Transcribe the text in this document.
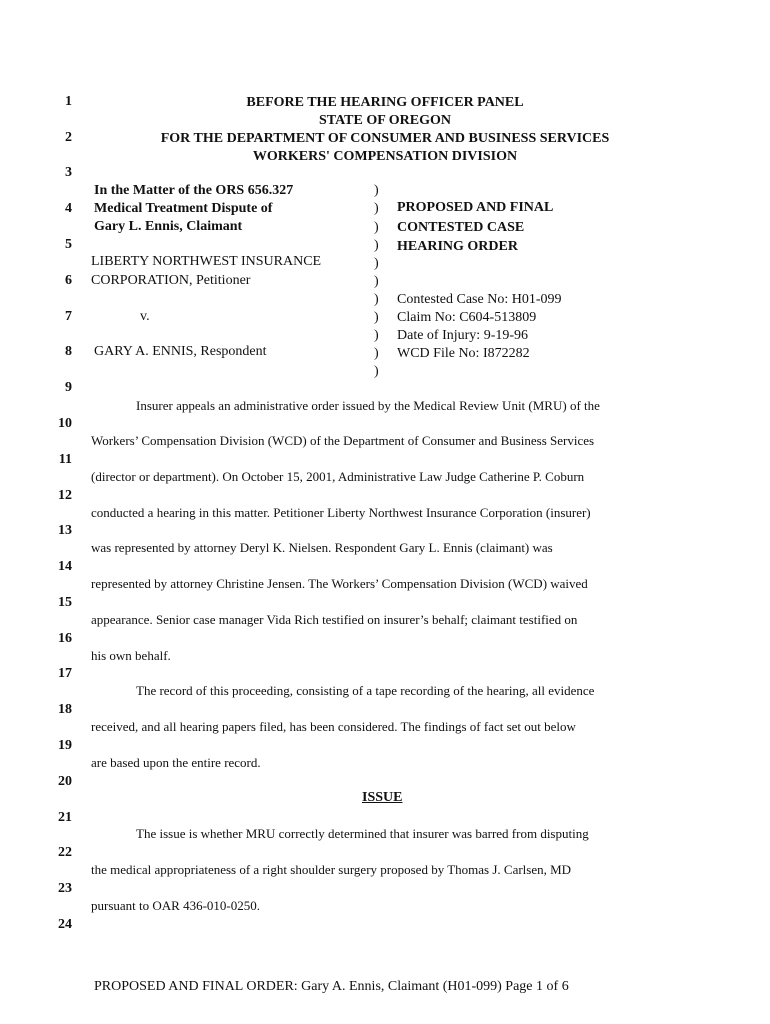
1
2
3
4
5
6
7
8
9
10
11
12
13
14
15
16
17
18
19
20
21
22
23
24
BEFORE THE HEARING OFFICER PANEL
STATE OF OREGON
FOR THE DEPARTMENT OF CONSUMER AND BUSINESS SERVICES
WORKERS' COMPENSATION DIVISION
In the Matter of the ORS 656.327
Medical Treatment Dispute of
Gary L. Ennis, Claimant
LIBERTY NORTHWEST INSURANCE
CORPORATION, Petitioner
v.
GARY A. ENNIS, Respondent
)
)
)
)
)
)
)
)
)
)
)
PROPOSED AND FINAL
CONTESTED CASE
HEARING ORDER
Contested Case No: H01-099
Claim No: C604-513809
Date of Injury: 9-19-96
WCD File No: I872282
Insurer appeals an administrative order issued by the Medical Review Unit (MRU) of the
Workers’ Compensation Division (WCD) of the Department of Consumer and Business Services
(director or department). On October 15, 2001, Administrative Law Judge Catherine P. Coburn
conducted a hearing in this matter. Petitioner Liberty Northwest Insurance Corporation (insurer)
was represented by attorney Deryl K. Nielsen. Respondent Gary L. Ennis (claimant) was
represented by attorney Christine Jensen. The Workers’ Compensation Division (WCD) waived
appearance. Senior case manager Vida Rich testified on insurer’s behalf; claimant testified on
his own behalf.
The record of this proceeding, consisting of a tape recording of the hearing, all evidence
received, and all hearing papers filed, has been considered. The findings of fact set out below
are based upon the entire record.
ISSUE
The issue is whether MRU correctly determined that insurer was barred from disputing
the medical appropriateness of a right shoulder surgery proposed by Thomas J. Carlsen, MD
pursuant to OAR 436-010-0250.
PROPOSED AND FINAL ORDER: Gary A. Ennis, Claimant (H01-099) Page 1 of 6
